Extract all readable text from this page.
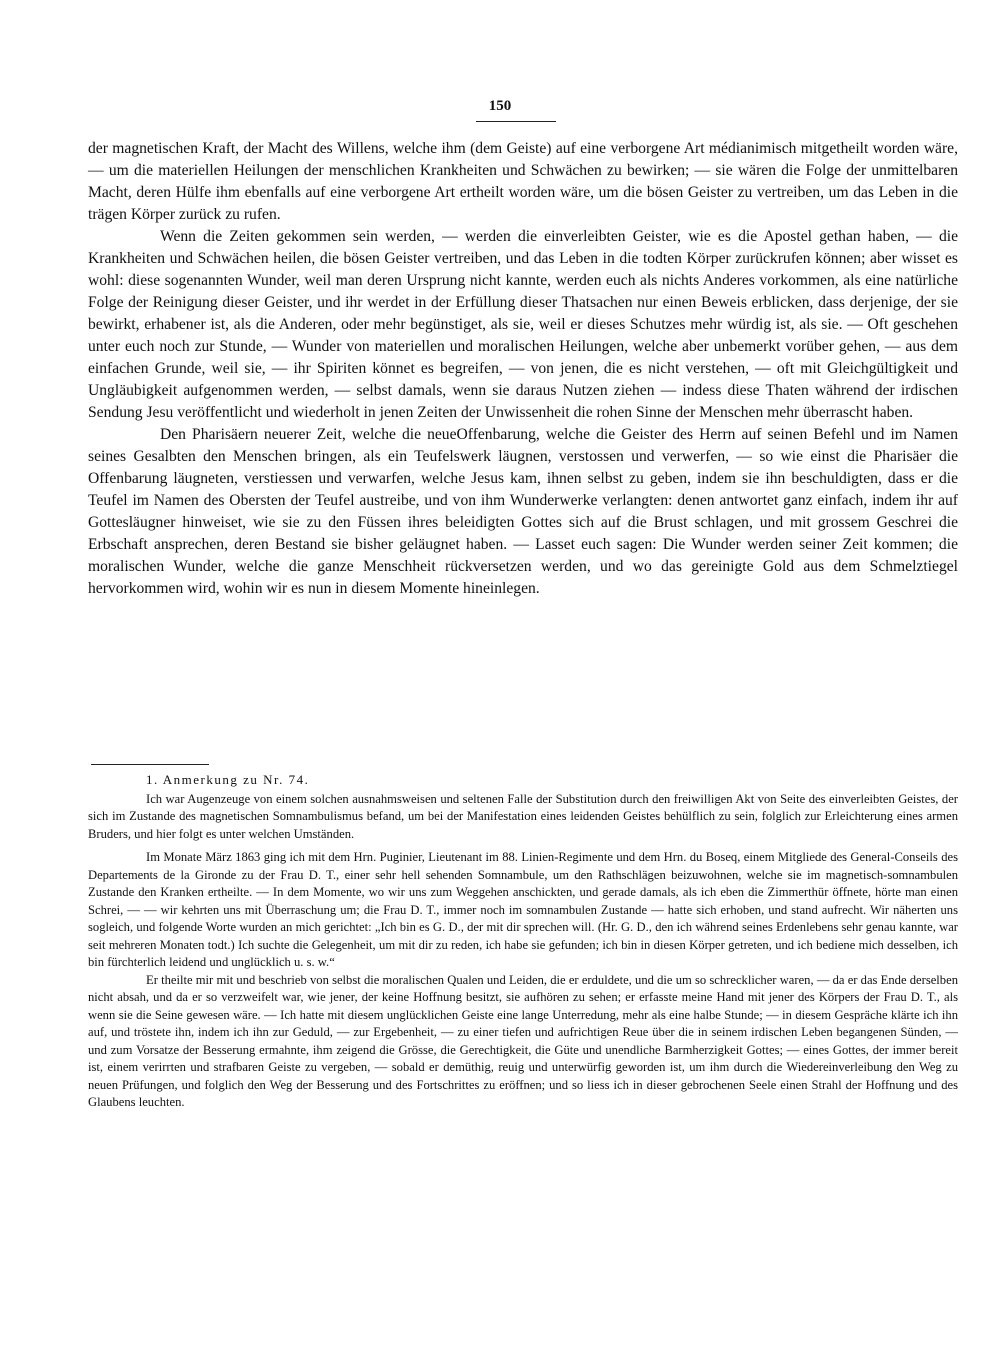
150

der magnetischen Kraft, der Macht des Willens, welche ihm (dem Geiste) auf eine verborgene Art médianimisch mitgetheilt worden wäre, — um die materiellen Heilungen der menschlichen Krankheiten und Schwächen zu bewirken; — sie wären die Folge der unmittelbaren Macht, deren Hülfe ihm ebenfalls auf eine verborgene Art ertheilt worden wäre, um die bösen Geister zu vertreiben, um das Leben in die trägen Körper zurück zu rufen.

Wenn die Zeiten gekommen sein werden, — werden die einverleibten Geister, wie es die Apostel gethan haben, — die Krankheiten und Schwächen heilen, die bösen Geister vertreiben, und das Leben in die todten Körper zurückrufen können; aber wisset es wohl: diese sogenannten Wunder, weil man deren Ursprung nicht kannte, werden euch als nichts Anderes vorkommen, als eine natürliche Folge der Reinigung dieser Geister, und ihr werdet in der Erfüllung dieser Thatsachen nur einen Beweis erblicken, dass derjenige, der sie bewirkt, erhabener ist, als die Anderen, oder mehr begünstiget, als sie, weil er dieses Schutzes mehr würdig ist, als sie. — Oft geschehen unter euch noch zur Stunde, — Wunder von materiellen und moralischen Heilungen, welche aber unbemerkt vorüber gehen, — aus dem einfachen Grunde, weil sie, — ihr Spiriten könnet es begreifen, — von jenen, die es nicht verstehen, — oft mit Gleichgültigkeit und Ungläubigkeit aufgenommen werden, — selbst damals, wenn sie daraus Nutzen ziehen — indess diese Thaten während der irdischen Sendung Jesu veröffentlicht und wiederholt in jenen Zeiten der Unwissenheit die rohen Sinne der Menschen mehr überrascht haben.

Den Pharisäern neuerer Zeit, welche die neueOffenbarung, welche die Geister des Herrn auf seinen Befehl und im Namen seines Gesalbten den Menschen bringen, als ein Teufelswerk läugnen, verstossen und verwerfen, — so wie einst die Pharisäer die Offenbarung läugneten, verstiessen und verwarfen, welche Jesus kam, ihnen selbst zu geben, indem sie ihn beschuldigten, dass er die Teufel im Namen des Obersten der Teufel austreibe, und von ihm Wunderwerke verlangten: denen antwortet ganz einfach, indem ihr auf Gottesläugner hinweiset, wie sie zu den Füssen ihres beleidigten Gottes sich auf die Brust schlagen, und mit grossem Geschrei die Erbschaft ansprechen, deren Bestand sie bisher geläugnet haben. — Lasset euch sagen: Die Wunder werden seiner Zeit kommen; die moralischen Wunder, welche die ganze Menschheit rückversetzen werden, und wo das gereinigte Gold aus dem Schmelztiegel hervorkommen wird, wohin wir es nun in diesem Momente hineinlegen.

1. Anmerkung zu Nr. 74.

Ich war Augenzeuge von einem solchen ausnahmsweisen und seltenen Falle der Substitution durch den freiwilligen Akt von Seite des einverleibten Geistes, der sich im Zustande des magnetischen Somnambulismus befand, um bei der Manifestation eines leidenden Geistes behülflich zu sein, folglich zur Erleichterung eines armen Bruders, und hier folgt es unter welchen Umständen.

Im Monate März 1863 ging ich mit dem Hrn. Puginier, Lieutenant im 88. Linien-Regimente und dem Hrn. du Boseq, einem Mitgliede des General-Conseils des Departements de la Gironde zu der Frau D. T., einer sehr hell sehenden Somnambule, um den Rathschlägen beizuwohnen, welche sie im magnetisch-somnambulen Zustande den Kranken ertheilte. — In dem Momente, wo wir uns zum Weggehen anschickten, und gerade damals, als ich eben die Zimmerthür öffnete, hörte man einen Schrei, — — wir kehrten uns mit Überraschung um; die Frau D. T., immer noch im somnambulen Zustande — hatte sich erhoben, und stand aufrecht. Wir näherten uns sogleich, und folgende Worte wurden an mich gerichtet: „Ich bin es G. D., der mit dir sprechen will. (Hr. G. D., den ich während seines Erdenlebens sehr genau kannte, war seit mehreren Monaten todt.) Ich suchte die Gelegenheit, um mit dir zu reden, ich habe sie gefunden; ich bin in diesen Körper getreten, und ich bediene mich desselben, ich bin fürchterlich leidend und unglücklich u. s. w.“

Er theilte mir mit und beschrieb von selbst die moralischen Qualen und Leiden, die er erduldete, und die um so schrecklicher waren, — da er das Ende derselben nicht absah, und da er so verzweifelt war, wie jener, der keine Hoffnung besitzt, sie aufhören zu sehen; er erfasste meine Hand mit jener des Körpers der Frau D. T., als wenn sie die Seine gewesen wäre. — Ich hatte mit diesem unglücklichen Geiste eine lange Unterredung, mehr als eine halbe Stunde; — in diesem Gespräche klärte ich ihn auf, und tröstete ihn, indem ich ihn zur Geduld, — zur Ergebenheit, — zu einer tiefen und aufrichtigen Reue über die in seinem irdischen Leben begangenen Sünden, — und zum Vorsatze der Besserung ermahnte, ihm zeigend die Grösse, die Gerechtigkeit, die Güte und unendliche Barmherzigkeit Gottes; — eines Gottes, der immer bereit ist, einem verirrten und strafbaren Geiste zu vergeben, — sobald er demüthig, reuig und unterwürfig geworden ist, um ihm durch die Wiedereinverleibung den Weg zu neuen Prüfungen, und folglich den Weg der Besserung und des Fortschrittes zu eröffnen; und so liess ich in dieser gebrochenen Seele einen Strahl der Hoffnung und des Glaubens leuchten.
